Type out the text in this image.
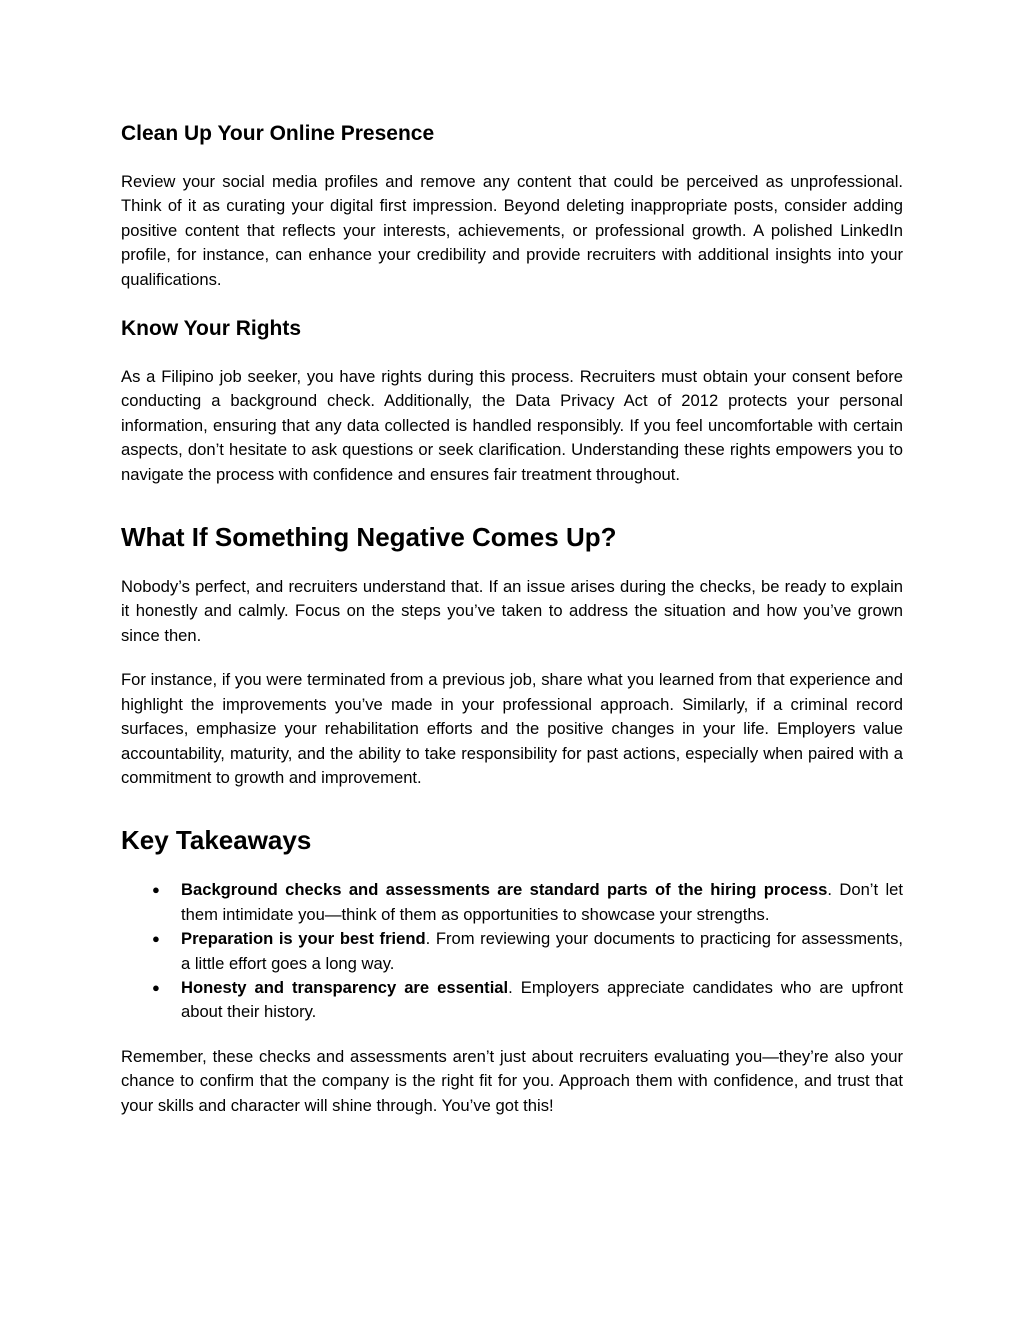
Clean Up Your Online Presence

Review your social media profiles and remove any content that could be perceived as unprofessional. Think of it as curating your digital first impression. Beyond deleting inappropriate posts, consider adding positive content that reflects your interests, achievements, or professional growth. A polished LinkedIn profile, for instance, can enhance your credibility and provide recruiters with additional insights into your qualifications.

Know Your Rights

As a Filipino job seeker, you have rights during this process. Recruiters must obtain your consent before conducting a background check. Additionally, the Data Privacy Act of 2012 protects your personal information, ensuring that any data collected is handled responsibly. If you feel uncomfortable with certain aspects, don’t hesitate to ask questions or seek clarification. Understanding these rights empowers you to navigate the process with confidence and ensures fair treatment throughout.

What If Something Negative Comes Up?

Nobody’s perfect, and recruiters understand that. If an issue arises during the checks, be ready to explain it honestly and calmly. Focus on the steps you’ve taken to address the situation and how you’ve grown since then.

For instance, if you were terminated from a previous job, share what you learned from that experience and highlight the improvements you’ve made in your professional approach. Similarly, if a criminal record surfaces, emphasize your rehabilitation efforts and the positive changes in your life. Employers value accountability, maturity, and the ability to take responsibility for past actions, especially when paired with a commitment to growth and improvement.

Key Takeaways
● Background checks and assessments are standard parts of the hiring process. Don’t let them intimidate you—think of them as opportunities to showcase your strengths.
● Preparation is your best friend. From reviewing your documents to practicing for assessments, a little effort goes a long way.
● Honesty and transparency are essential. Employers appreciate candidates who are upfront about their history.

Remember, these checks and assessments aren’t just about recruiters evaluating you—they’re also your chance to confirm that the company is the right fit for you. Approach them with confidence, and trust that your skills and character will shine through. You’ve got this!
